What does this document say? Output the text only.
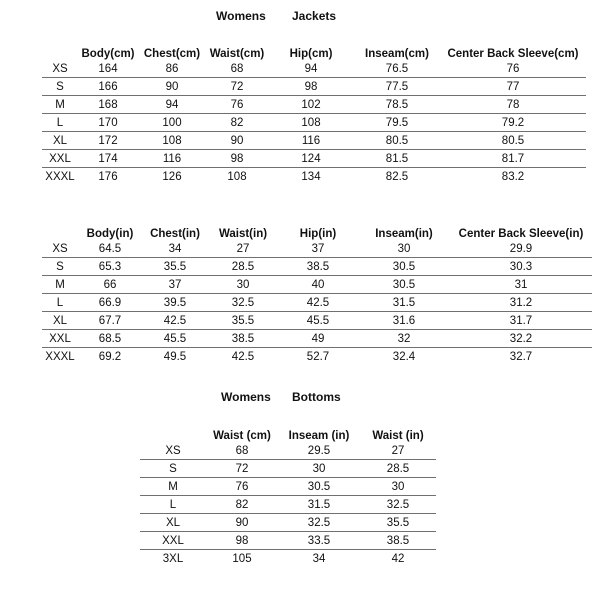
Womens Jackets
	Body(cm)	Chest(cm)	Waist(cm)	Hip(cm)	Inseam(cm)	Center Back Sleeve(cm)
XS	164	86	68	94	76.5	76
S	166	90	72	98	77.5	77
M	168	94	76	102	78.5	78
L	170	100	82	108	79.5	79.2
XL	172	108	90	116	80.5	80.5
XXL	174	116	98	124	81.5	81.7
XXXL	176	126	108	134	82.5	83.2
	Body(in)	Chest(in)	Waist(in)	Hip(in)	Inseam(in)	Center Back Sleeve(in)
XS	64.5	34	27	37	30	29.9
S	65.3	35.5	28.5	38.5	30.5	30.3
M	66	37	30	40	30.5	31
L	66.9	39.5	32.5	42.5	31.5	31.2
XL	67.7	42.5	35.5	45.5	31.6	31.7
XXL	68.5	45.5	38.5	49	32	32.2
XXXL	69.2	49.5	42.5	52.7	32.4	32.7
Womens Bottoms
	Waist (cm)	Inseam (in)	Waist (in)
XS	68	29.5	27
S	72	30	28.5
M	76	30.5	30
L	82	31.5	32.5
XL	90	32.5	35.5
XXL	98	33.5	38.5
3XL	105	34	42
